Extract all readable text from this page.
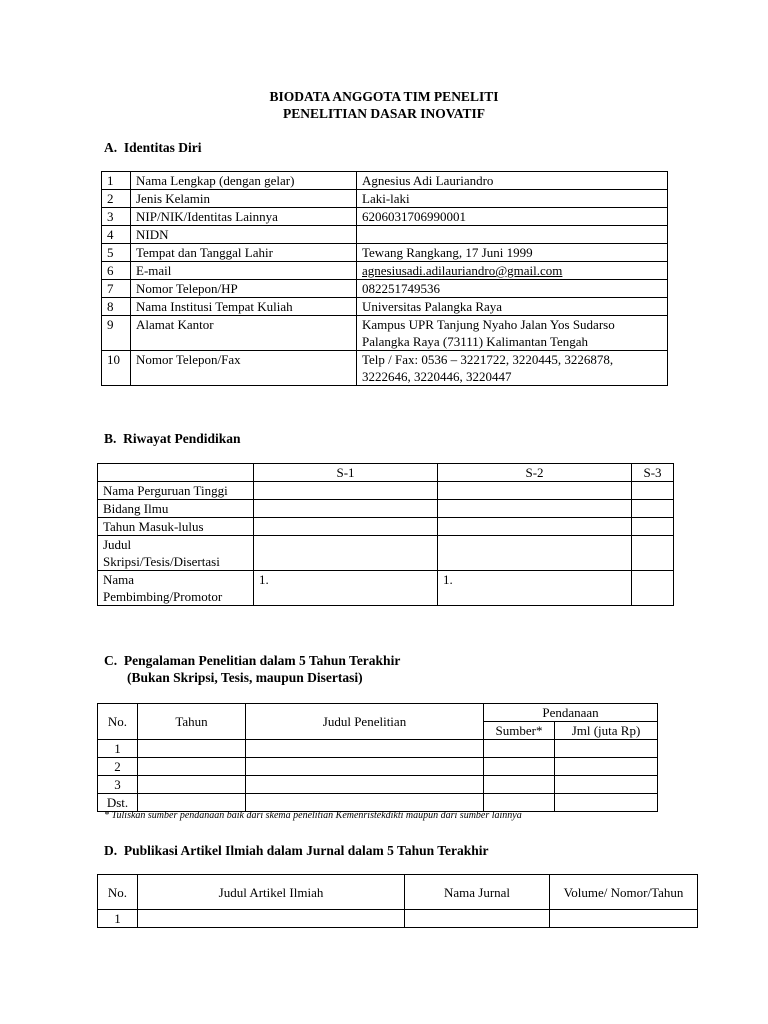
BIODATA ANGGOTA TIM PENELITI
PENELITIAN DASAR INOVATIF
A.  Identitas Diri
1	Nama Lengkap (dengan gelar)	Agnesius Adi Lauriandro
2	Jenis Kelamin	Laki-laki
3	NIP/NIK/Identitas Lainnya	6206031706990001
4	NIDN	
5	Tempat dan Tanggal Lahir	Tewang Rangkang, 17 Juni 1999
6	E-mail	agnesiusadi.adilauriandro@gmail.com
7	Nomor Telepon/HP	082251749536
8	Nama Institusi Tempat Kuliah	Universitas Palangka Raya
9	Alamat Kantor	Kampus UPR Tanjung Nyaho Jalan Yos Sudarso Palangka Raya (73111) Kalimantan Tengah
10	Nomor Telepon/Fax	Telp / Fax: 0536 – 3221722, 3220445, 3226878, 3222646, 3220446, 3220447
B.  Riwayat Pendidikan
	S-1	S-2	S-3
Nama Perguruan Tinggi			
Bidang Ilmu			
Tahun Masuk-lulus			
Judul Skripsi/Tesis/Disertasi			
Nama Pembimbing/Promotor	1.	1.	
C.  Pengalaman Penelitian dalam 5 Tahun Terakhir
(Bukan Skripsi, Tesis, maupun Disertasi)
No.	Tahun	Judul Penelitian	Pendanaan	
			Sumber*	Jml (juta Rp)
1				
2				
3				
Dst.				
* Tuliskan sumber pendanaan baik dari skema penelitian Kemenristekdikti maupun dari sumber lainnya
D.  Publikasi Artikel Ilmiah dalam Jurnal dalam 5 Tahun Terakhir
No.	Judul Artikel Ilmiah	Nama Jurnal	Volume/ Nomor/Tahun
1			
